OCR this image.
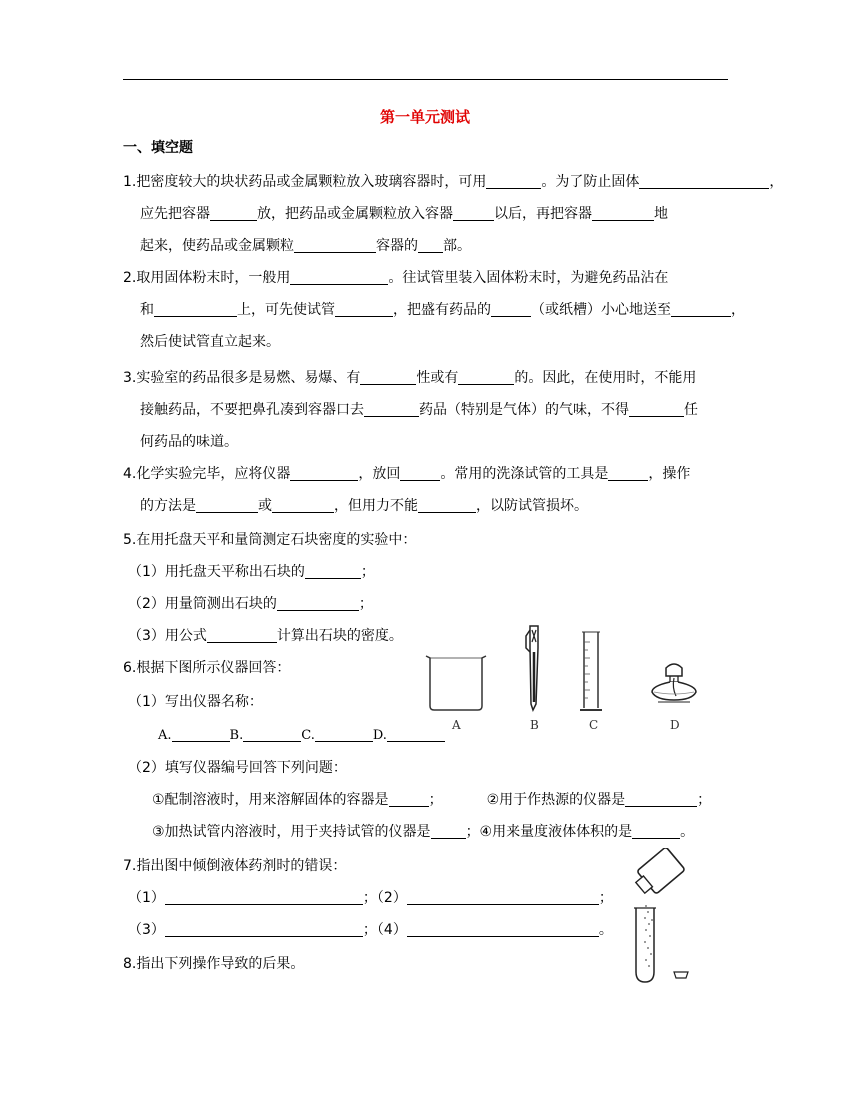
第一单元测试
一、填空题
1.把密度较大的块状药品或金属颗粒放入玻璃容器时，可用	。为了防止固体	，
应先把容器	放，把药品或金属颗粒放入容器	以后，再把容器	地
起来，使药品或金属颗粒	容器的 部。
2.取用固体粉末时，一般用	。往试管里装入固体粉末时，为避免药品沾在
和	上，可先使试管	，把盛有药品的	（或纸槽）小心地送至	，
然后使试管直立起来。
3.实验室的药品很多是易燃、易爆、有	性或有	的。因此，在使用时，不能用
接触药品，不要把鼻孔凑到容器口去	药品（特别是气体）的气味，不得	任
何药品的味道。
4.化学实验完毕，应将仪器	，放回	。常用的洗涤试管的工具是	，操作
的方法是	或	，但用力不能	，以防试管损坏。
5.在用托盘天平和量筒测定石块密度的实验中：
（1）用托盘天平称出石块的	；
（2）用量筒测出石块的	；
（3）用公式	计算出石块的密度。
6.根据下图所示仪器回答：
（1）写出仪器名称：
A.	B.	C.	D.
（2）填写仪器编号回答下列问题：
①配制溶液时，用来溶解固体的容器是	；	②用于作热源的仪器是	；
③加热试管内溶液时，用于夹持试管的仪器是	；④用来量度液体体积的是	。
7.指出图中倾倒液体药剂时的错误：
（1）	；（2）	；
（3）	；（4）	。
8.指出下列操作导致的后果。
A	B	C	D
